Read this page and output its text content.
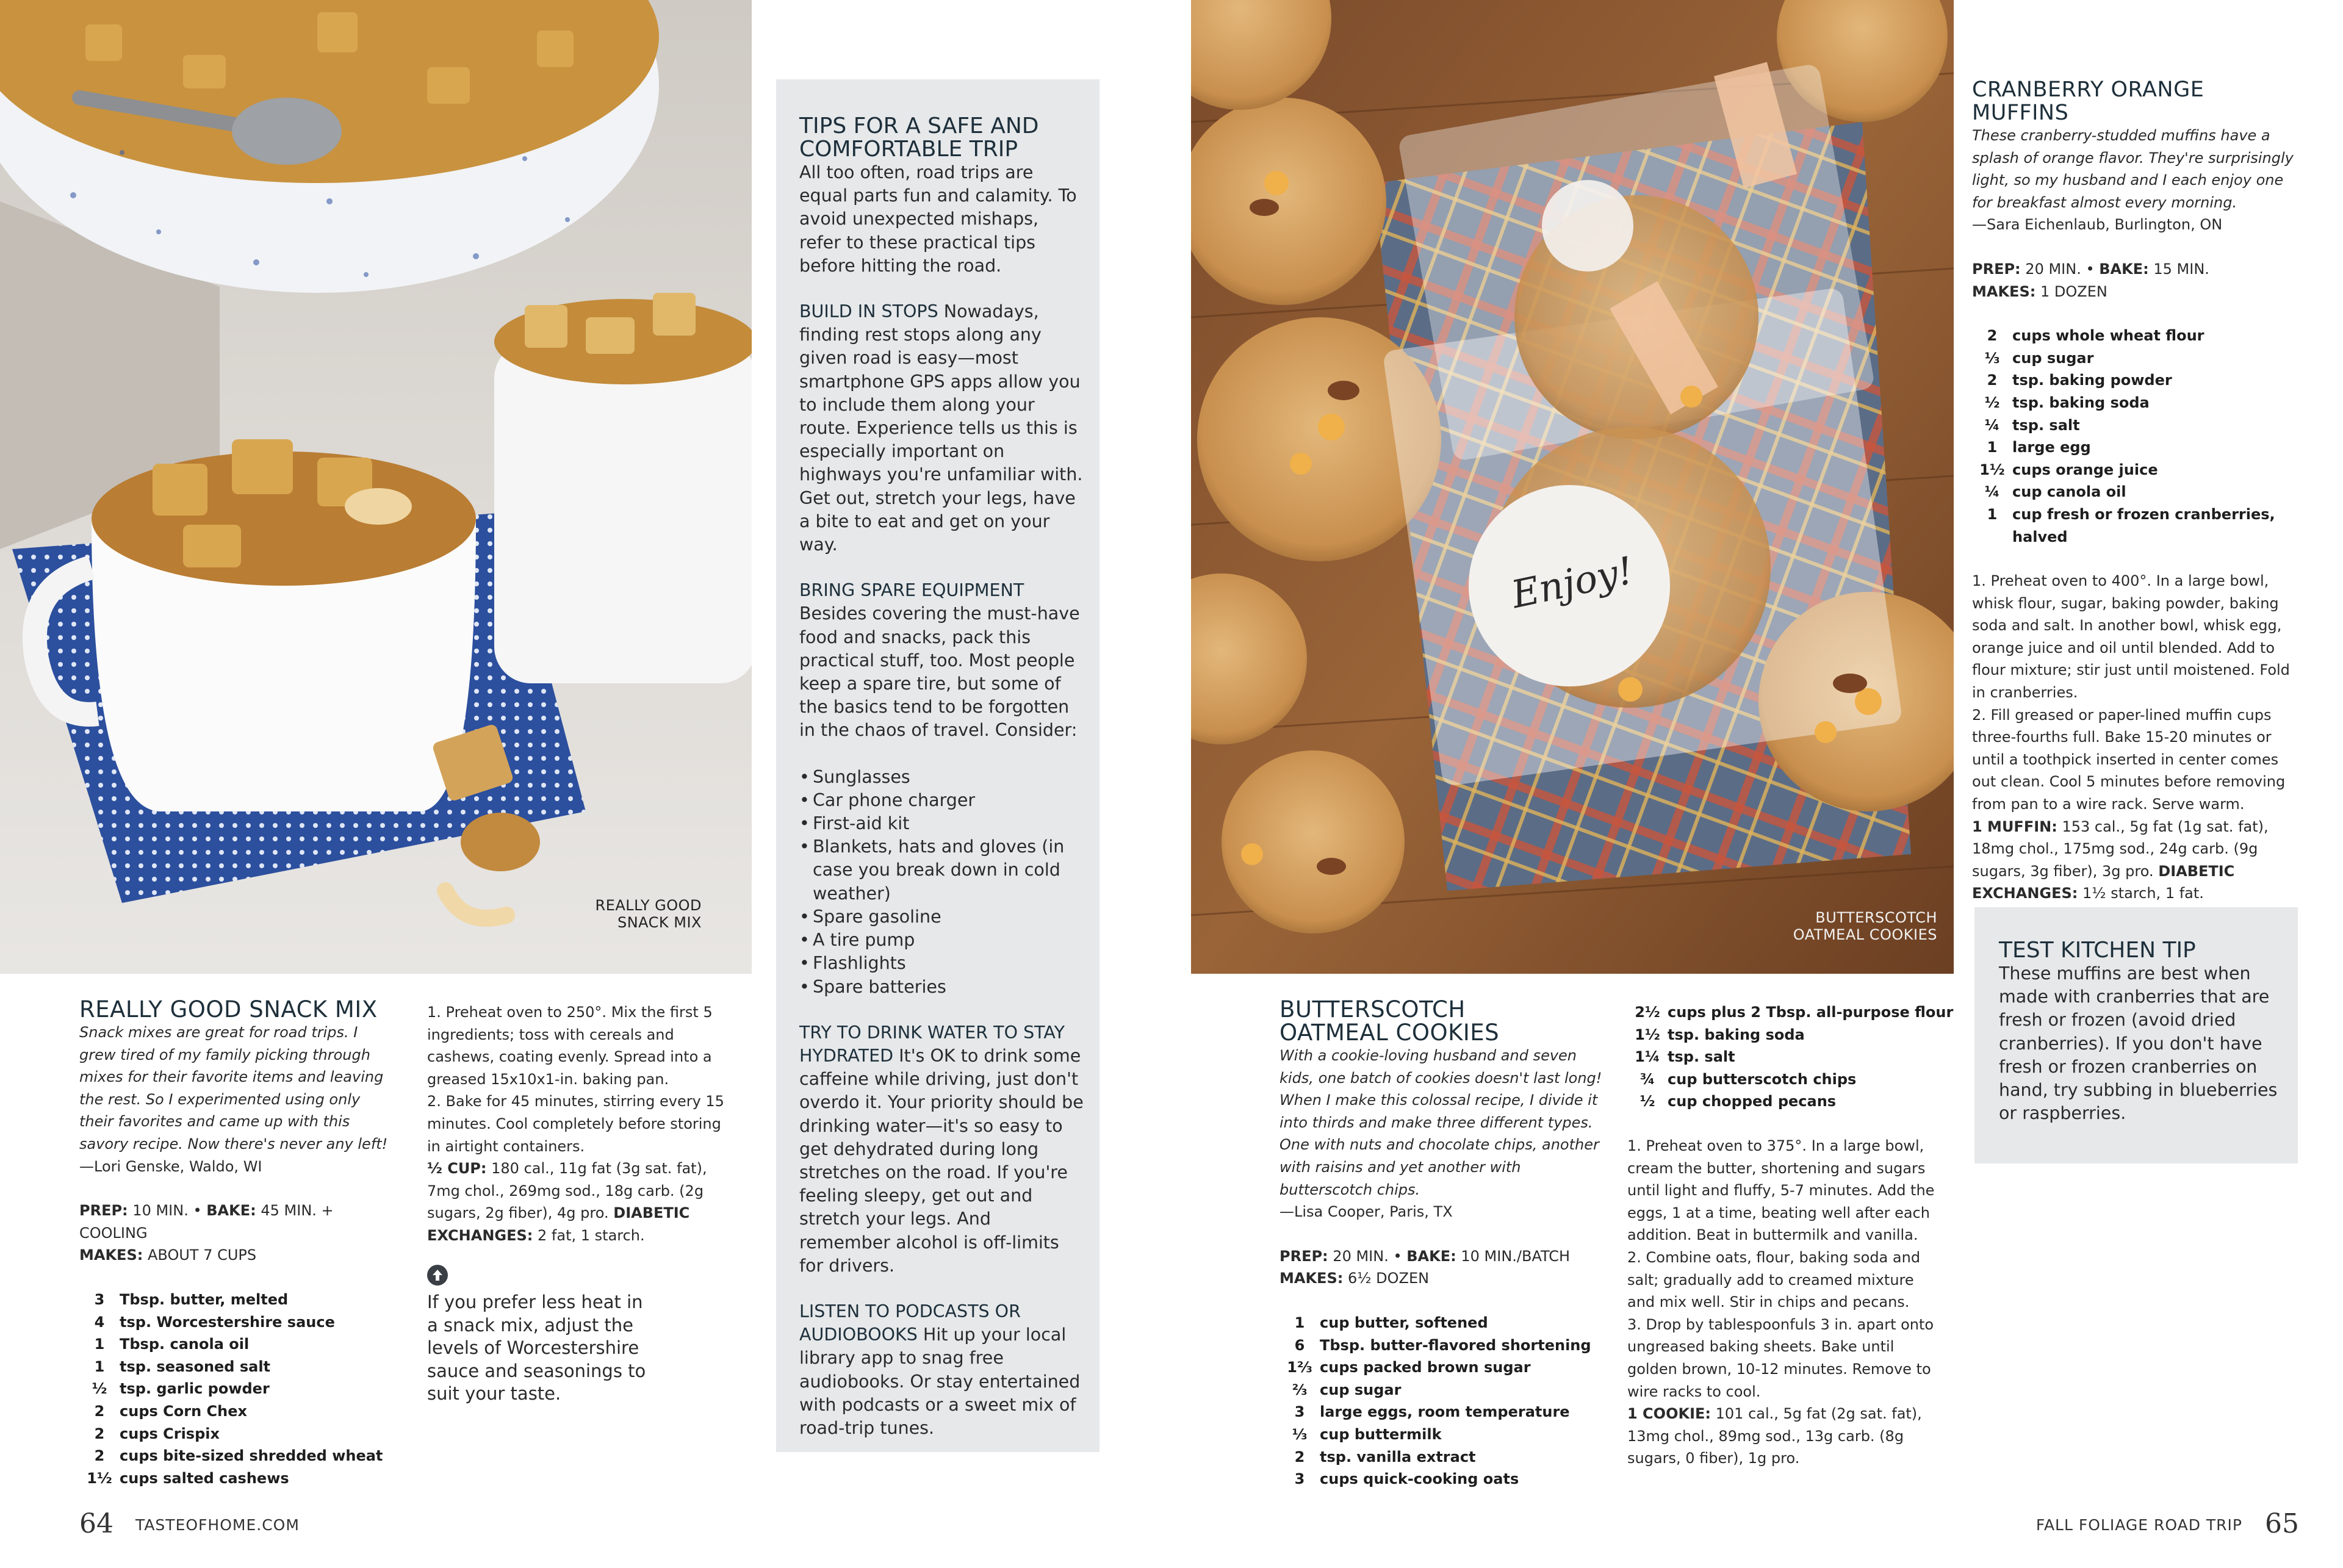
REALLY GOOD
SNACK MIX
TIPS FOR A SAFE AND
COMFORTABLE TRIP

All too often, road trips are equal parts fun and calamity. To avoid unexpected mishaps, refer to these practical tips before hitting the road.

BUILD IN STOPS Nowadays, finding rest stops along any given road is easy—most smartphone GPS apps allow you to include them along your route. Experience tells us this is especially important on highways you're unfamiliar with. Get out, stretch your legs, have a bite to eat and get on your way.

BRING SPARE EQUIPMENT

Besides covering the must-have food and snacks, pack this practical stuff, too. Most people keep a spare tire, but some of the basics tend to be forgotten in the chaos of travel. Consider:

• Sunglasses
• Car phone charger
• First-aid kit
• Blankets, hats and gloves (in case you break down in cold weather)
• Spare gasoline
• A tire pump
• Flashlights
• Spare batteries

TRY TO DRINK WATER TO STAY HYDRATED It's OK to drink some caffeine while driving, just don't overdo it. Your priority should be drinking water—it's so easy to get dehydrated during long stretches on the road. If you're feeling sleepy, get out and stretch your legs. And remember alcohol is off-limits for drivers.

LISTEN TO PODCASTS OR AUDIOBOOKS Hit up your local library app to snag free audiobooks. Or stay entertained with podcasts or a sweet mix of road-trip tunes.

REALLY GOOD SNACK MIX

Snack mixes are great for road trips. I grew tired of my family picking through mixes for their favorite items and leaving the rest. So I experimented using only their favorites and came up with this savory recipe. Now there's never any left!

—Lori Genske, Waldo, WI

PREP: 10 MIN. • BAKE: 45 MIN. + COOLING
MAKES: ABOUT 7 CUPS
3	Tbsp. butter, melted
4	tsp. Worcestershire sauce
1	Tbsp. canola oil
1	tsp. seasoned salt
½ tsp. garlic powder
2	cups Corn Chex
2	cups Crispix
2	cups bite-sized shredded wheat
1½ cups salted cashews

1. Preheat oven to 250°. Mix the first 5 ingredients; toss with cereals and cashews, coating evenly. Spread into a greased 15x10x1-in. baking pan.

2. Bake for 45 minutes, stirring every 15 minutes. Cool completely before storing in airtight containers.

½ CUP: 180 cal., 11g fat (3g sat. fat), 7mg chol., 269mg sod., 18g carb. (2g sugars, 2g fiber), 4g pro. DIABETIC EXCHANGES: 2 fat, 1 starch.

If you prefer less heat in a snack mix, adjust the levels of Worcestershire sauce and seasonings to suit your taste.

64 TASTEOFHOME.COM
Enjoy!
BUTTERSCOTCH
OATMEAL COOKIES
BUTTERSCOTCH
OATMEAL COOKIES

With a cookie-loving husband and seven kids, one batch of cookies doesn't last long! When I make this colossal recipe, I divide it into thirds and make three different types. One with nuts and chocolate chips, another with raisins and yet another with butterscotch chips.

—Lisa Cooper, Paris, TX

PREP: 20 MIN. • BAKE: 10 MIN./BATCH
MAKES: 6½ DOZEN
1	cup butter, softened
6	Tbsp. butter-flavored shortening
1⅔ cups packed brown sugar
⅔ cup sugar
3	large eggs, room temperature
⅓ cup buttermilk
2	tsp. vanilla extract
3	cups quick-cooking oats
2½ cups plus 2 Tbsp. all-purpose flour
1½ tsp. baking soda
1¼ tsp. salt
¾ cup butterscotch chips
½ cup chopped pecans

1. Preheat oven to 375°. In a large bowl, cream the butter, shortening and sugars until light and fluffy, 5-7 minutes. Add the eggs, 1 at a time, beating well after each addition. Beat in buttermilk and vanilla.

2. Combine oats, flour, baking soda and salt; gradually add to creamed mixture and mix well. Stir in chips and pecans.

3. Drop by tablespoonfuls 3 in. apart onto ungreased baking sheets. Bake until golden brown, 10-12 minutes. Remove to wire racks to cool.

1 COOKIE: 101 cal., 5g fat (2g sat. fat), 13mg chol., 89mg sod., 13g carb. (8g sugars, 0 fiber), 1g pro.

CRANBERRY ORANGE MUFFINS

These cranberry-studded muffins have a splash of orange flavor. They're surprisingly light, so my husband and I each enjoy one for breakfast almost every morning.

—Sara Eichenlaub, Burlington, ON

PREP: 20 MIN. • BAKE: 15 MIN.
MAKES: 1 DOZEN
2	cups whole wheat flour
⅓ cup sugar
2	tsp. baking powder
½ tsp. baking soda
¼ tsp. salt
1	large egg
1½ cups orange juice
¼ cup canola oil
1	cup fresh or frozen cranberries, halved

1. Preheat oven to 400°. In a large bowl, whisk flour, sugar, baking powder, baking soda and salt. In another bowl, whisk egg, orange juice and oil until blended. Add to flour mixture; stir just until moistened. Fold in cranberries.

2. Fill greased or paper-lined muffin cups three-fourths full. Bake 15-20 minutes or until a toothpick inserted in center comes out clean. Cool 5 minutes before removing from pan to a wire rack. Serve warm.

1 MUFFIN: 153 cal., 5g fat (1g sat. fat), 18mg chol., 175mg sod., 24g carb. (9g sugars, 3g fiber), 3g pro. DIABETIC EXCHANGES: 1½ starch, 1 fat.

TEST KITCHEN TIP

These muffins are best when made with cranberries that are fresh or frozen (avoid dried cranberries). If you don't have fresh or frozen cranberries on hand, try subbing in blueberries or raspberries.

FALL FOLIAGE ROAD TRIP 65
